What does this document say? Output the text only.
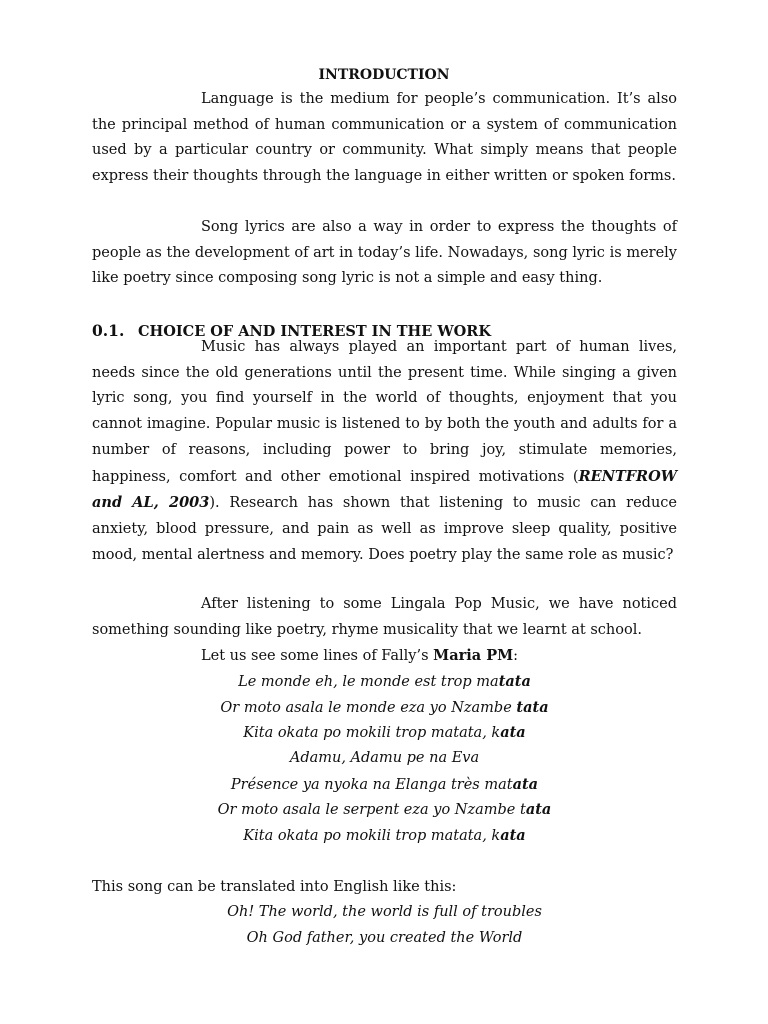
INTRODUCTION

Language is the medium for people’s communication. It’s also the principal method of human communication or a system of communication used by a particular country or community. What simply means that people express their thoughts through the language in either written or spoken forms.

Song lyrics are also a way in order to express the thoughts of people as the development of art in today’s life. Nowadays, song lyric is merely like poetry since composing song lyric is not a simple and easy thing.

0.1. CHOICE OF AND INTEREST IN THE WORK

Music has always played an important part of human lives, needs since the old generations until the present time. While singing a given lyric song, you find yourself in the world of thoughts, enjoyment that you cannot imagine. Popular music is listened to by both the youth and adults for a number of reasons, including power to bring joy, stimulate memories, happiness, comfort and other emotional inspired motivations (RENTFROW and AL, 2003). Research has shown that listening to music can reduce anxiety, blood pressure, and pain as well as improve sleep quality, positive mood, mental alertness and memory. Does poetry play the same role as music?

After listening to some Lingala Pop Music, we have noticed something sounding like poetry, rhyme musicality that we learnt at school.

Let us see some lines of Fally’s Maria PM:

Le monde eh, le monde est trop matata
Or moto asala le monde eza yo Nzambe tata
Kita okata po mokili trop matata, kata
Adamu, Adamu pe na Eva
Présence ya nyoka na Elanga très matata
Or moto asala le serpent eza yo Nzambe tata
Kita okata po mokili trop matata, kata
This song can be translated into English like this:
Oh! The world, the world is full of troubles
Oh God father, you created the World
